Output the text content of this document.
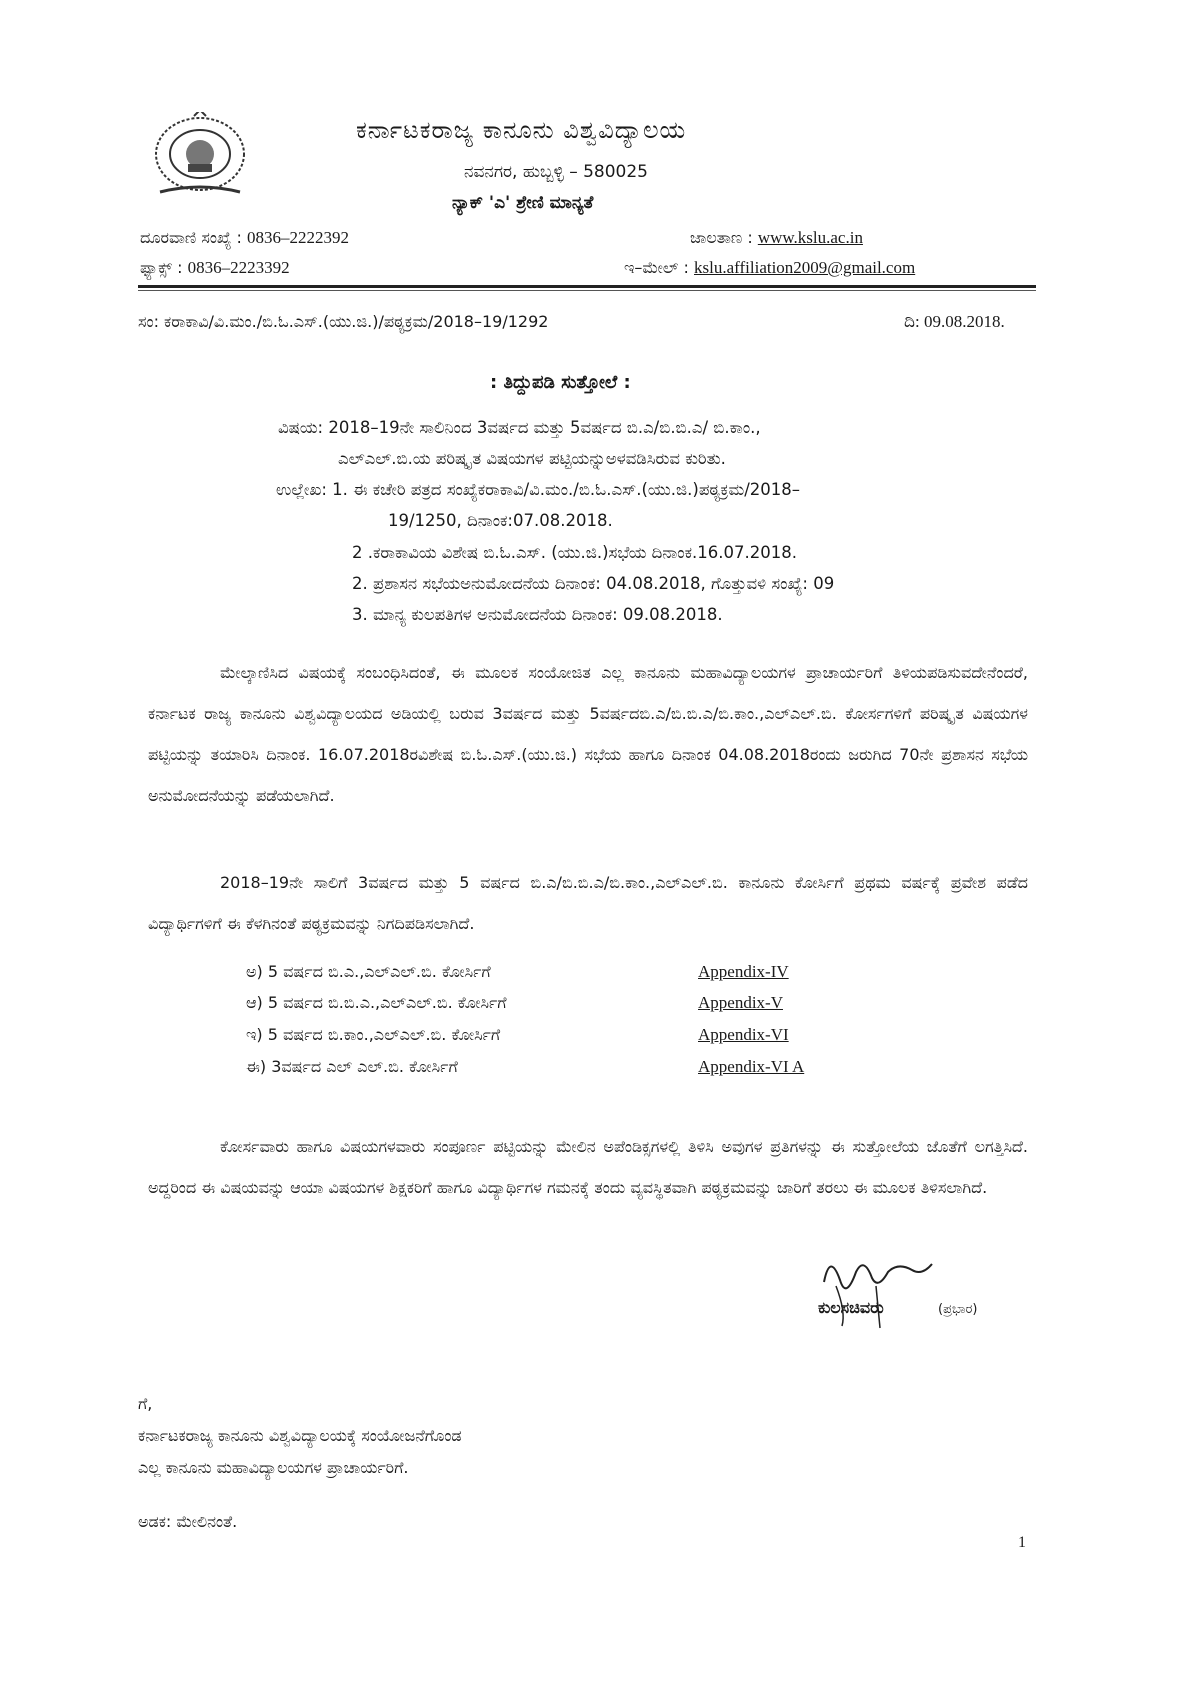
ಕರ್ನಾಟಕರಾಜ್ಯ ಕಾನೂನು ವಿಶ್ವವಿದ್ಯಾಲಯ
ನವನಗರ, ಹುಬ್ಬಳ್ಳಿ – 580025
ನ್ಯಾಕ್ 'ಎ' ಶ್ರೇಣಿ ಮಾನ್ಯತೆ
ದೂರವಾಣಿ ಸಂಖ್ಯೆ : 0836–2222392	ಜಾಲತಾಣ : www.kslu.ac.in
ಫ್ಯಾಕ್ಸ್ : 0836–2223392	ಇ–ಮೇಲ್ : kslu.affiliation2009@gmail.com
ಸಂ: ಕರಾಕಾವಿ/ವಿ.ಮಂ./ಬಿ.ಓ.ಎಸ್.(ಯು.ಜಿ.)/ಪಠ್ಯಕ್ರಮ/2018–19/1292	ದಿ: 09.08.2018.
: ತಿದ್ದುಪಡಿ ಸುತ್ತೋಲೆ :
ವಿಷಯ: 2018–19ನೇ ಸಾಲಿನಿಂದ 3ವರ್ಷದ ಮತ್ತು 5ವರ್ಷದ ಬಿ.ಎ/ಬಿ.ಬಿ.ಎ/ ಬಿ.ಕಾಂ.,
ಎಲ್ಎಲ್.ಬಿ.ಯ ಪರಿಷ್ಕೃತ ವಿಷಯಗಳ ಪಟ್ಟಿಯನ್ನುಅಳವಡಿಸಿರುವ ಕುರಿತು.
ಉಲ್ಲೇಖ: 1. ಈ ಕಚೇರಿ ಪತ್ರದ ಸಂಖ್ಯೆಕರಾಕಾವಿ/ವಿ.ಮಂ./ಬಿ.ಓ.ಎಸ್.(ಯು.ಜಿ.)ಪಠ್ಯಕ್ರಮ/2018–
19/1250, ದಿನಾಂಕ:07.08.2018.
2 .ಕರಾಕಾವಿಯ ವಿಶೇಷ ಬಿ.ಓ.ಎಸ್. (ಯು.ಜಿ.)ಸಭೆಯ ದಿನಾಂಕ.16.07.2018.
2. ಪ್ರಶಾಸನ ಸಭೆಯಅನುಮೋದನೆಯ ದಿನಾಂಕ: 04.08.2018, ಗೊತ್ತುವಳಿ ಸಂಖ್ಯೆ: 09
3. ಮಾನ್ಯ ಕುಲಪತಿಗಳ ಅನುಮೋದನೆಯ ದಿನಾಂಕ: 09.08.2018.

ಮೇಲ್ಕಾಣಿಸಿದ ವಿಷಯಕ್ಕೆ ಸಂಬಂಧಿಸಿದಂತೆ, ಈ ಮೂಲಕ ಸಂಯೋಜಿತ ಎಲ್ಲ ಕಾನೂನು ಮಹಾವಿದ್ಯಾಲಯಗಳ ಪ್ರಾಚಾರ್ಯರಿಗೆ ತಿಳಿಯಪಡಿಸುವದೇನೆಂದರೆ, ಕರ್ನಾಟಕ ರಾಜ್ಯ ಕಾನೂನು ವಿಶ್ವವಿದ್ಯಾಲಯದ ಅಡಿಯಲ್ಲಿ ಬರುವ 3ವರ್ಷದ ಮತ್ತು 5ವರ್ಷದಬಿ.ಎ/ಬಿ.ಬಿ.ಎ/ಬಿ.ಕಾಂ.,ಎಲ್ಎಲ್.ಬಿ. ಕೋರ್ಸಗಳಿಗೆ ಪರಿಷ್ಕೃತ ವಿಷಯಗಳ ಪಟ್ಟಿಯನ್ನು ತಯಾರಿಸಿ ದಿನಾಂಕ. 16.07.2018ರವಿಶೇಷ ಬಿ.ಓ.ಎಸ್.(ಯು.ಜಿ.) ಸಭೆಯ ಹಾಗೂ ದಿನಾಂಕ 04.08.2018ರಂದು ಜರುಗಿದ 70ನೇ ಪ್ರಶಾಸನ ಸಭೆಯ ಅನುಮೋದನೆಯನ್ನು ಪಡೆಯಲಾಗಿದೆ.

2018–19ನೇ ಸಾಲಿಗೆ 3ವರ್ಷದ ಮತ್ತು 5 ವರ್ಷದ ಬಿ.ಎ/ಬಿ.ಬಿ.ಎ/ಬಿ.ಕಾಂ.,ಎಲ್ಎಲ್.ಬಿ. ಕಾನೂನು ಕೋರ್ಸಿಗೆ ಪ್ರಥಮ ವರ್ಷಕ್ಕೆ ಪ್ರವೇಶ ಪಡೆದ ವಿದ್ಯಾರ್ಥಿಗಳಿಗೆ ಈ ಕೆಳಗಿನಂತೆ ಪಠ್ಯಕ್ರಮವನ್ನು ನಿಗದಿಪಡಿಸಲಾಗಿದೆ.

ಅ) 5 ವರ್ಷದ ಬಿ.ಎ.,ಎಲ್ಎಲ್.ಬಿ. ಕೋರ್ಸಿಗೆ	Appendix-IV
ಆ) 5 ವರ್ಷದ ಬಿ.ಬಿ.ಎ.,ಎಲ್ಎಲ್.ಬಿ. ಕೋರ್ಸಿಗೆ	Appendix-V
ಇ) 5 ವರ್ಷದ ಬಿ.ಕಾಂ.,ಎಲ್ಎಲ್.ಬಿ. ಕೋರ್ಸಿಗೆ	Appendix-VI
ಈ) 3ವರ್ಷದ ಎಲ್ ಎಲ್.ಬಿ. ಕೋರ್ಸಿಗೆ	Appendix-VI A

ಕೋರ್ಸವಾರು ಹಾಗೂ ವಿಷಯಗಳವಾರು ಸಂಪೂರ್ಣ ಪಟ್ಟಿಯನ್ನು ಮೇಲಿನ ಅಪೆಂಡಿಕ್ಸಗಳಲ್ಲಿ ತಿಳಿಸಿ ಅವುಗಳ ಪ್ರತಿಗಳನ್ನು ಈ ಸುತ್ತೋಲೆಯ ಜೊತೆಗೆ ಲಗತ್ತಿಸಿದೆ. ಅದ್ದರಿಂದ ಈ ವಿಷಯವನ್ನು ಆಯಾ ವಿಷಯಗಳ ಶಿಕ್ಷಕರಿಗೆ ಹಾಗೂ ವಿದ್ಯಾರ್ಥಿಗಳ ಗಮನಕ್ಕೆ ತಂದು ವ್ಯವಸ್ಥಿತವಾಗಿ ಪಠ್ಯಕ್ರಮವನ್ನು ಜಾರಿಗೆ ತರಲು ಈ ಮೂಲಕ ತಿಳಿಸಲಾಗಿದೆ.

ಕುಲಸಚಿವರು	(ಪ್ರಭಾರ)
ಗೆ,
ಕರ್ನಾಟಕರಾಜ್ಯ ಕಾನೂನು ವಿಶ್ವವಿದ್ಯಾಲಯಕ್ಕೆ ಸಂಯೋಜನೆಗೊಂಡ
ಎಲ್ಲ ಕಾನೂನು ಮಹಾವಿದ್ಯಾಲಯಗಳ ಪ್ರಾಚಾರ್ಯರಿಗೆ.
ಅಡಕ: ಮೇಲಿನಂತೆ.
1
